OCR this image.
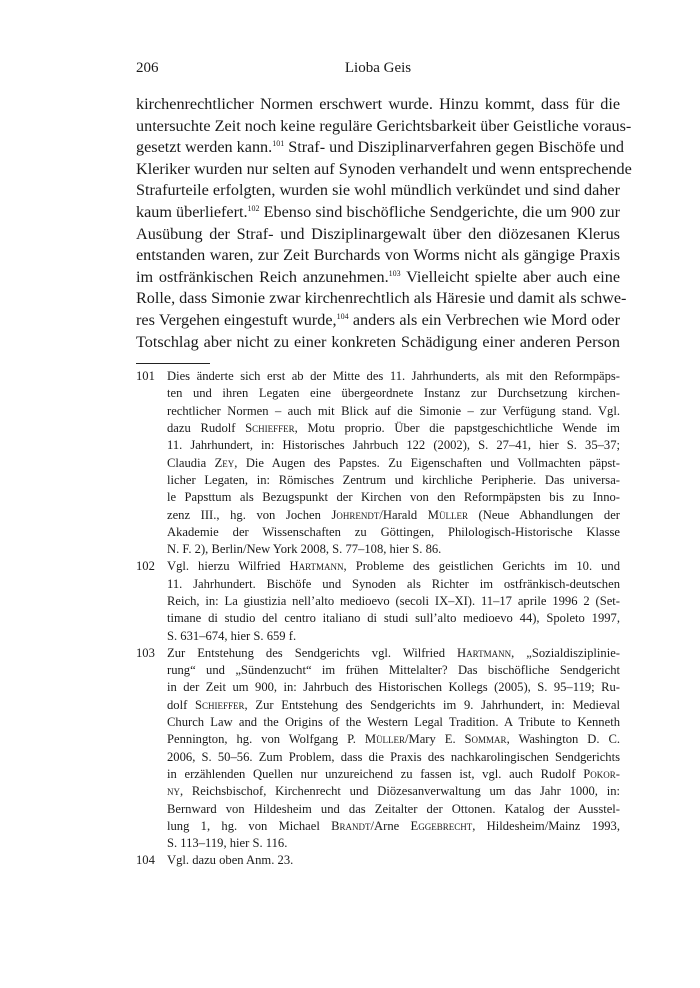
206	Lioba Geis
kirchenrechtlicher Normen erschwert wurde. Hinzu kommt, dass für die
untersuchte Zeit noch keine reguläre Gerichtsbarkeit über Geistliche voraus-
gesetzt werden kann.$^{101}$ Straf- und Disziplinarverfahren gegen Bischöfe und
Kleriker wurden nur selten auf Synoden verhandelt und wenn entsprechende
Strafurteile erfolgten, wurden sie wohl mündlich verkündet und sind daher
kaum überliefert.$^{102}$ Ebenso sind bischöfliche Sendgerichte, die um 900 zur
Ausübung der Straf- und Disziplinargewalt über den diözesanen Klerus
entstanden waren, zur Zeit Burchards von Worms nicht als gängige Praxis
im ostfränkischen Reich anzunehmen.$^{103}$ Vielleicht spielte aber auch eine
Rolle, dass Simonie zwar kirchenrechtlich als Häresie und damit als schwe-
res Vergehen eingestuft wurde,$^{104}$ anders als ein Verbrechen wie Mord oder
Totschlag aber nicht zu einer konkreten Schädigung einer anderen Person
101 Dies änderte sich erst ab der Mitte des 11. Jahrhunderts, als mit den Reformpäps-
ten und ihren Legaten eine übergeordnete Instanz zur Durchsetzung kirchen-
rechtlicher Normen – auch mit Blick auf die Simonie – zur Verfügung stand. Vgl.
dazu Rudolf Schieffer, Motu proprio. Über die papstgeschichtliche Wende im
11. Jahrhundert, in: Historisches Jahrbuch 122 (2002), S. 27–41, hier S. 35–37;
Claudia Zey, Die Augen des Papstes. Zu Eigenschaften und Vollmachten päpst-
licher Legaten, in: Römisches Zentrum und kirchliche Peripherie. Das universa-
le Papsttum als Bezugspunkt der Kirchen von den Reformpäpsten bis zu Inno-
zenz III., hg. von Jochen Johrendt/Harald Müller (Neue Abhandlungen der
Akademie der Wissenschaften zu Göttingen, Philologisch-Historische Klasse
N. F. 2), Berlin/New York 2008, S. 77–108, hier S. 86.
102 Vgl. hierzu Wilfried Hartmann, Probleme des geistlichen Gerichts im 10. und
11. Jahrhundert. Bischöfe und Synoden als Richter im ostfränkisch-deutschen
Reich, in: La giustizia nell’alto medioevo (secoli IX–XI). 11–17 aprile 1996 2 (Set-
timane di studio del centro italiano di studi sull’alto medioevo 44), Spoleto 1997,
S. 631–674, hier S. 659 f.
103 Zur Entstehung des Sendgerichts vgl. Wilfried Hartmann, „Sozialdisziplinie-
rung“ und „Sündenzucht“ im frühen Mittelalter? Das bischöfliche Sendgericht
in der Zeit um 900, in: Jahrbuch des Historischen Kollegs (2005), S. 95–119; Ru-
dolf Schieffer, Zur Entstehung des Sendgerichts im 9. Jahrhundert, in: Medieval
Church Law and the Origins of the Western Legal Tradition. A Tribute to Kenneth
Pennington, hg. von Wolfgang P. Müller/Mary E. Sommar, Washington D. C.
2006, S. 50–56. Zum Problem, dass die Praxis des nachkarolingischen Sendgerichts
in erzählenden Quellen nur unzureichend zu fassen ist, vgl. auch Rudolf Pokor-
ny, Reichsbischof, Kirchenrecht und Diözesanverwaltung um das Jahr 1000, in:
Bernward von Hildesheim und das Zeitalter der Ottonen. Katalog der Ausstel-
lung 1, hg. von Michael Brandt/Arne Eggebrecht, Hildesheim/Mainz 1993,
S. 113–119, hier S. 116.
104 Vgl. dazu oben Anm. 23.
